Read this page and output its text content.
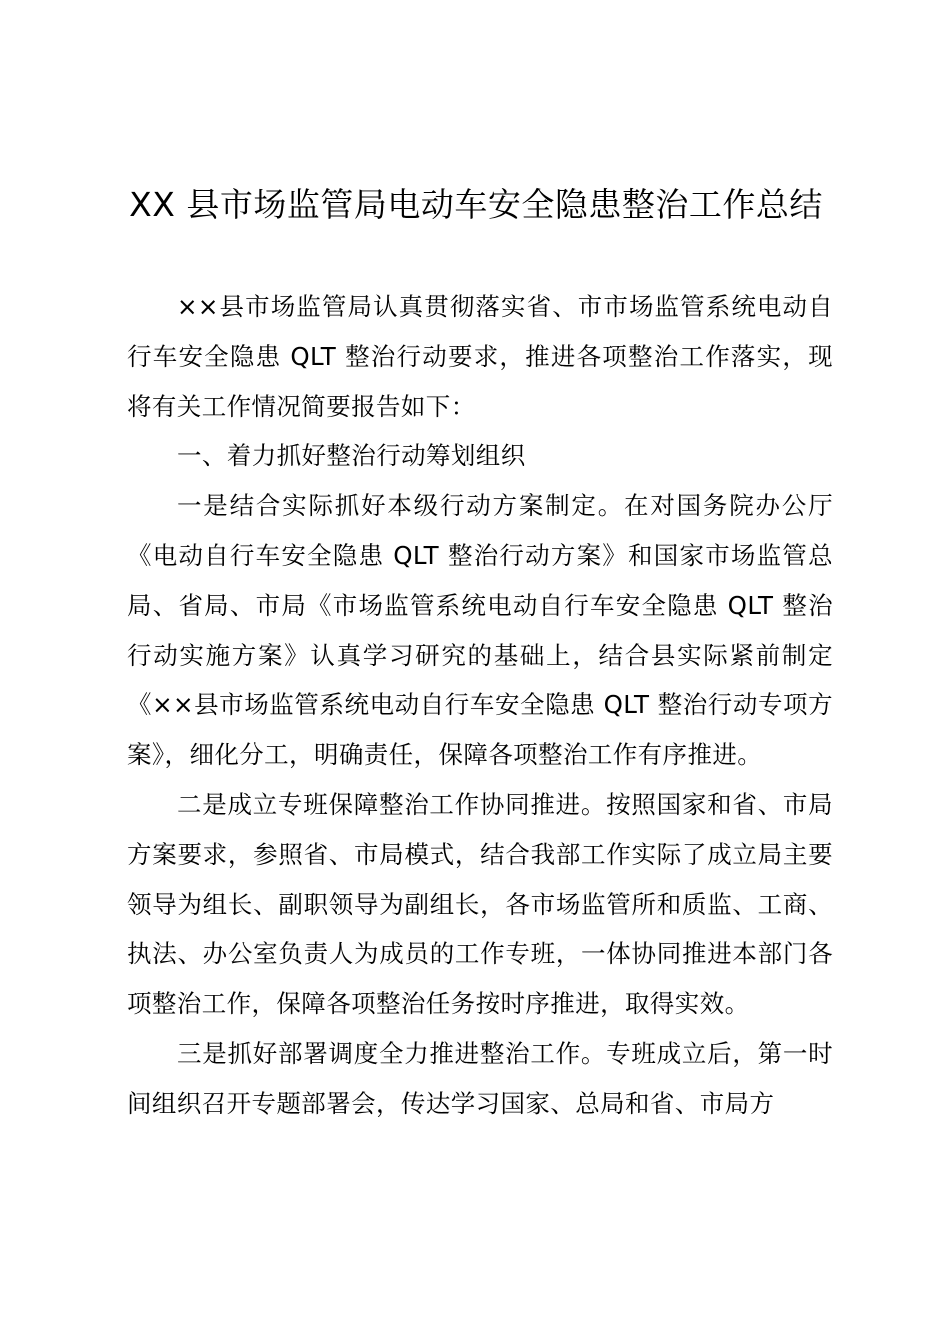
XX 县市场监管局电动车安全隐患整治工作总结

××县市场监管局认真贯彻落实省、市市场监管系统电动自行车安全隐患 QLT 整治行动要求，推进各项整治工作落实，现将有关工作情况简要报告如下：

一、着力抓好整治行动筹划组织

一是结合实际抓好本级行动方案制定。在对国务院办公厅《电动自行车安全隐患 QLT 整治行动方案》和国家市场监管总局、省局、市局《市场监管系统电动自行车安全隐患 QLT 整治行动实施方案》认真学习研究的基础上，结合县实际紧前制定《××县市场监管系统电动自行车安全隐患 QLT 整治行动专项方案》，细化分工，明确责任，保障各项整治工作有序推进。

二是成立专班保障整治工作协同推进。按照国家和省、市局方案要求，参照省、市局模式，结合我部工作实际了成立局主要领导为组长、副职领导为副组长，各市场监管所和质监、工商、执法、办公室负责人为成员的工作专班，一体协同推进本部门各项整治工作，保障各项整治任务按时序推进，取得实效。

三是抓好部署调度全力推进整治工作。专班成立后，第一时间组织召开专题部署会，传达学习国家、总局和省、市局方
